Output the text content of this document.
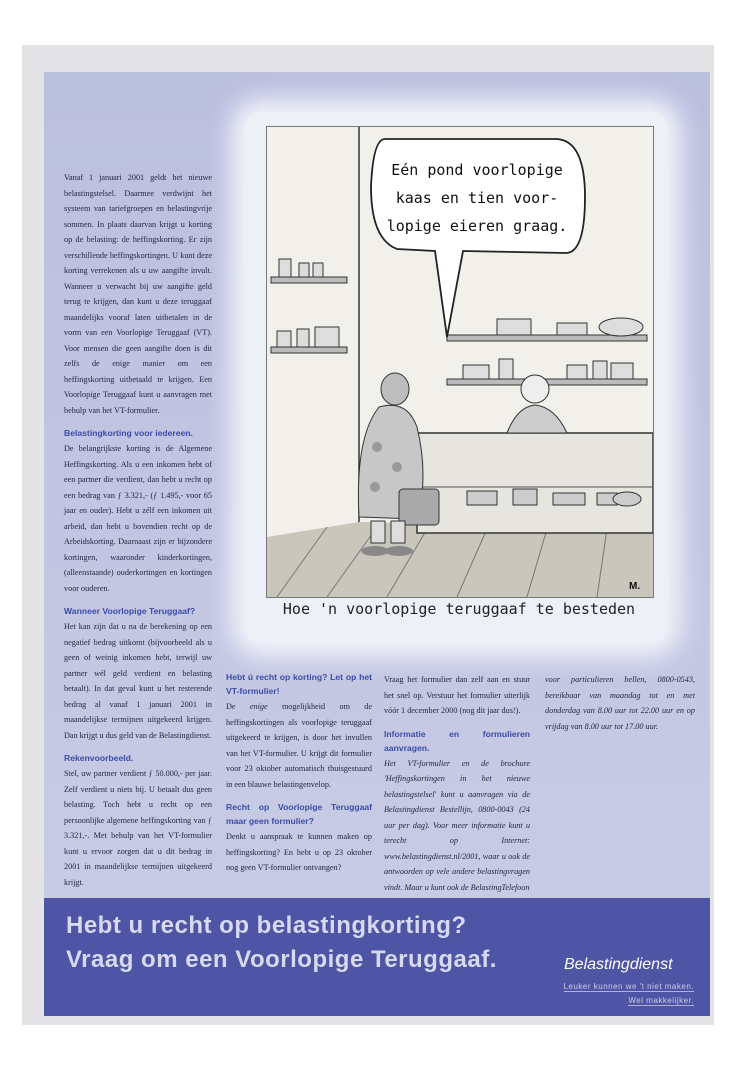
Eén pond voorlopige
kaas en tien voor-
lopige eieren graag.
M.
Hoe 'n voorlopige teruggaaf te besteden

Vanaf 1 januari 2001 geldt het nieuwe belastingstelsel. Daarmee verdwijnt het systeem van tariefgroepen en belastingvrije sommen. In plaats daarvan krijgt u korting op de belasting: de heffingskorting. Er zijn verschillende heffingskortingen. U kunt deze korting verrekenen als u uw aangifte invult. Wanneer u verwacht bij uw aangifte geld terug te krijgen, dan kunt u deze teruggaaf maandelijks vooraf laten uitbetalen in de vorm van een Voorlopige Teruggaaf (VT). Voor mensen die geen aangifte doen is dit zelfs de enige manier om een heffingskorting uitbetaald te krijgen. Een Voorlopige Teruggaaf kunt u aanvragen met behulp van het VT-formulier.

Belastingkorting voor iedereen.

De belangrijkste korting is de Algemene Heffingskorting. Als u een inkomen hebt of een partner die verdient, dan hebt u recht op een bedrag van ƒ 3.321,- (ƒ 1.495,- voor 65 jaar en ouder). Hebt u zélf een inkomen uit arbeid, dan hebt u bovendien recht op de Arbeidskorting. Daarnaast zijn er bijzondere kortingen, waaronder kinderkortingen, (alleenstaande) ouderkortingen en kortingen voor ouderen.

Wanneer Voorlopige Teruggaaf?

Het kan zijn dat u na de berekening op een negatief bedrag uitkomt (bijvoorbeeld als u geen of weinig inkomen hebt, terwijl uw partner wél geld verdient en belasting betaalt). In dat geval kunt u het resterende bedrag al vanaf 1 januari 2001 in maandelijkse termijnen uitgekeerd krijgen. Dan krijgt u dus geld van de Belastingdienst.

Rekenvoorbeeld.

Stel, uw partner verdient ƒ 50.000,- per jaar. Zelf verdient u niets bij. U betaalt dus geen belasting. Toch hebt u recht op een persoonlijke algemene heffingskorting van ƒ 3.321,-. Met behulp van het VT-formulier kunt u ervoor zorgen dat u dit bedrag in 2001 in maandelijkse termijnen uitgekeerd krijgt.

Hebt ú recht op korting? Let op het VT-formulier!

De enige mogelijkheid om de heffingskortingen als voorlopige teruggaaf uitgekeerd te krijgen, is door het invullen van het VT-formulier. U krijgt dit formulier voor 23 oktober automatisch thuisgestuurd in een blauwe belastingenvelop.

Recht op Voorlopige Teruggaaf maar geen formulier?

Denkt u aanspraak te kunnen maken op heffingskorting? En hebt u op 23 oktober nog geen VT-formulier ontvangen?

Vraag het formulier dan zelf aan en stuur het snel op. Verstuur het formulier uiterlijk vóór 1 december 2000 (nog dit jaar dus!).

Informatie en formulieren aanvragen.

Het VT-formulier en de brochure 'Heffingskortingen in het nieuwe belastingstelsel' kunt u aanvragen via de Belastingdienst Bestellijn, 0800-0043 (24 uur per dag). Voor meer informatie kunt u terecht op Internet: www.belastingdienst.nl/2001, waar u ook de antwoorden op vele andere belastingvragen vindt. Maar u kunt ook de BelastingTelefoon

voor particulieren bellen, 0800-0543, bereikbaar van maandag tot en met donderdag van 8.00 uur tot 22.00 uur en op vrijdag van 8.00 uur tot 17.00 uur.

Hebt u recht op belastingkorting?
Vraag om een Voorlopige Teruggaaf.	Belastingdienst
Leuker kunnen we 't niet maken.
Wel makkelijker.
